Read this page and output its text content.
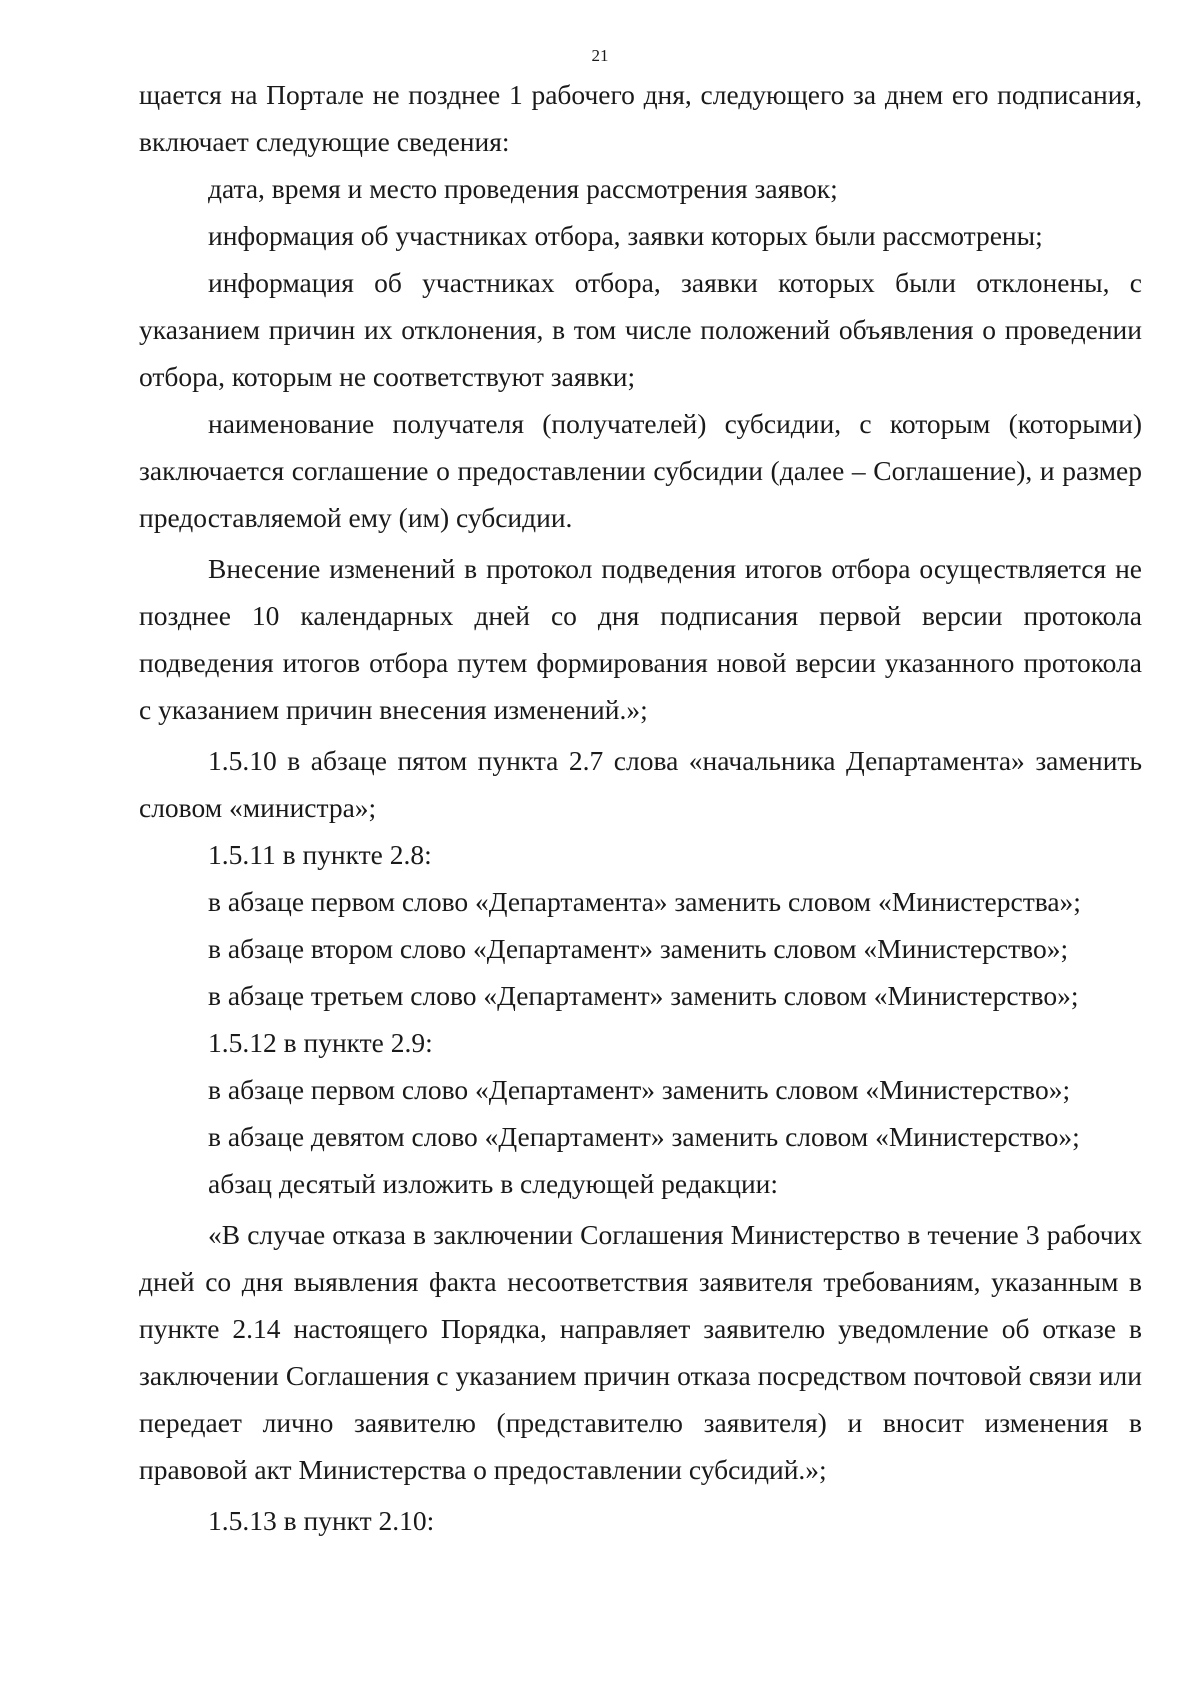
21

щается на Портале не позднее 1 рабочего дня, следующего за днем его подписания, включает следующие сведения:

дата, время и место проведения рассмотрения заявок;

информация об участниках отбора, заявки которых были рассмотрены;

информация об участниках отбора, заявки которых были отклонены, с указанием причин их отклонения, в том числе положений объявления о проведении отбора, которым не соответствуют заявки;

наименование получателя (получателей) субсидии, с которым (которыми) заключается соглашение о предоставлении субсидии (далее – Соглашение), и размер предоставляемой ему (им) субсидии.

Внесение изменений в протокол подведения итогов отбора осуществляется не позднее 10 календарных дней со дня подписания первой версии протокола подведения итогов отбора путем формирования новой версии указанного протокола с указанием причин внесения изменений.»;

1.5.10 в абзаце пятом пункта 2.7 слова «начальника Департамента» заменить словом «министра»;

1.5.11 в пункте 2.8:

в абзаце первом слово «Департамента» заменить словом «Министерства»;

в абзаце втором слово «Департамент» заменить словом «Министерство»;

в абзаце третьем слово «Департамент» заменить словом «Министерство»;

1.5.12 в пункте 2.9:

в абзаце первом слово «Департамент» заменить словом «Министерство»;

в абзаце девятом слово «Департамент» заменить словом «Министерство»;

абзац десятый изложить в следующей редакции:

«В случае отказа в заключении Соглашения Министерство в течение 3 рабочих дней со дня выявления факта несоответствия заявителя требованиям, указанным в пункте 2.14 настоящего Порядка, направляет заявителю уведомление об отказе в заключении Соглашения с указанием причин отказа посредством почтовой связи или передает лично заявителю (представителю заявителя) и вносит изменения в правовой акт Министерства о предоставлении субсидий.»;

1.5.13 в пункт 2.10:
